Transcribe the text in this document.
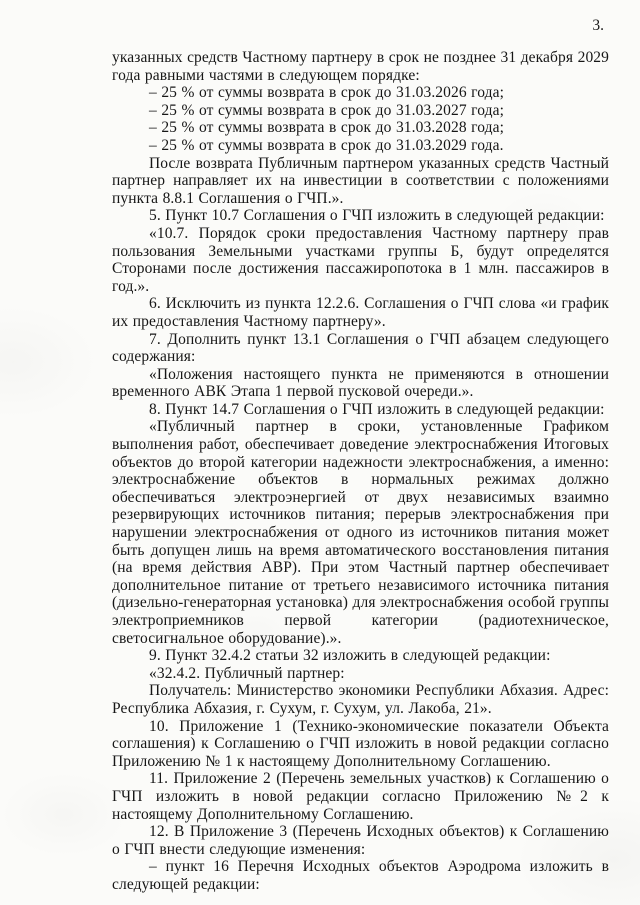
3.

указанных средств Частному партнеру в срок не позднее 31 декабря 2029 года равными частями в следующем порядке:

– 25 % от суммы возврата в срок до 31.03.2026 года;

– 25 % от суммы возврата в срок до 31.03.2027 года;

– 25 % от суммы возврата в срок до 31.03.2028 года;

– 25 % от суммы возврата в срок до 31.03.2029 года.

После возврата Публичным партнером указанных средств Частный партнер направляет их на инвестиции в соответствии с положениями пункта 8.8.1 Соглашения о ГЧП.».

5. Пункт 10.7 Соглашения о ГЧП изложить в следующей редакции:

«10.7. Порядок сроки предоставления Частному партнеру прав пользования Земельными участками группы Б, будут определятся Сторонами после достижения пассажиропотока в 1 млн. пассажиров в год.».

6. Исключить из пункта 12.2.6. Соглашения о ГЧП слова «и график их предоставления Частному партнеру».

7. Дополнить пункт 13.1 Соглашения о ГЧП абзацем следующего содержания:

«Положения настоящего пункта не применяются в отношении временного АВК Этапа 1 первой пусковой очереди.».

8. Пункт 14.7 Соглашения о ГЧП изложить в следующей редакции:

«Публичный партнер в сроки, установленные Графиком выполнения работ, обеспечивает доведение электроснабжения Итоговых объектов до второй категории надежности электроснабжения, а именно: электроснабжение объектов в нормальных режимах должно обеспечиваться электроэнергией от двух независимых взаимно резервирующих источников питания; перерыв электроснабжения при нарушении электроснабжения от одного из источников питания может быть допущен лишь на время автоматического восстановления питания (на время действия АВР). При этом Частный партнер обеспечивает дополнительное питание от третьего независимого источника питания (дизельно-генераторная установка) для электроснабжения особой группы электроприемников первой категории (радиотехническое, светосигнальное оборудование).».

9. Пункт 32.4.2 статьи 32 изложить в следующей редакции:

«32.4.2. Публичный партнер:

Получатель: Министерство экономики Республики Абхазия. Адрес: Республика Абхазия, г. Сухум, г. Сухум, ул. Лакоба, 21».

10. Приложение 1 (Технико-экономические показатели Объекта соглашения) к Соглашению о ГЧП изложить в новой редакции согласно Приложению № 1 к настоящему Дополнительному Соглашению.

11. Приложение 2 (Перечень земельных участков) к Соглашению о ГЧП изложить в новой редакции согласно Приложению №2 к настоящему Дополнительному Соглашению.

12. В Приложение 3 (Перечень Исходных объектов) к Соглашению о ГЧП внести следующие изменения:

– пункт 16 Перечня Исходных объектов Аэродрома изложить в следующей редакции:
